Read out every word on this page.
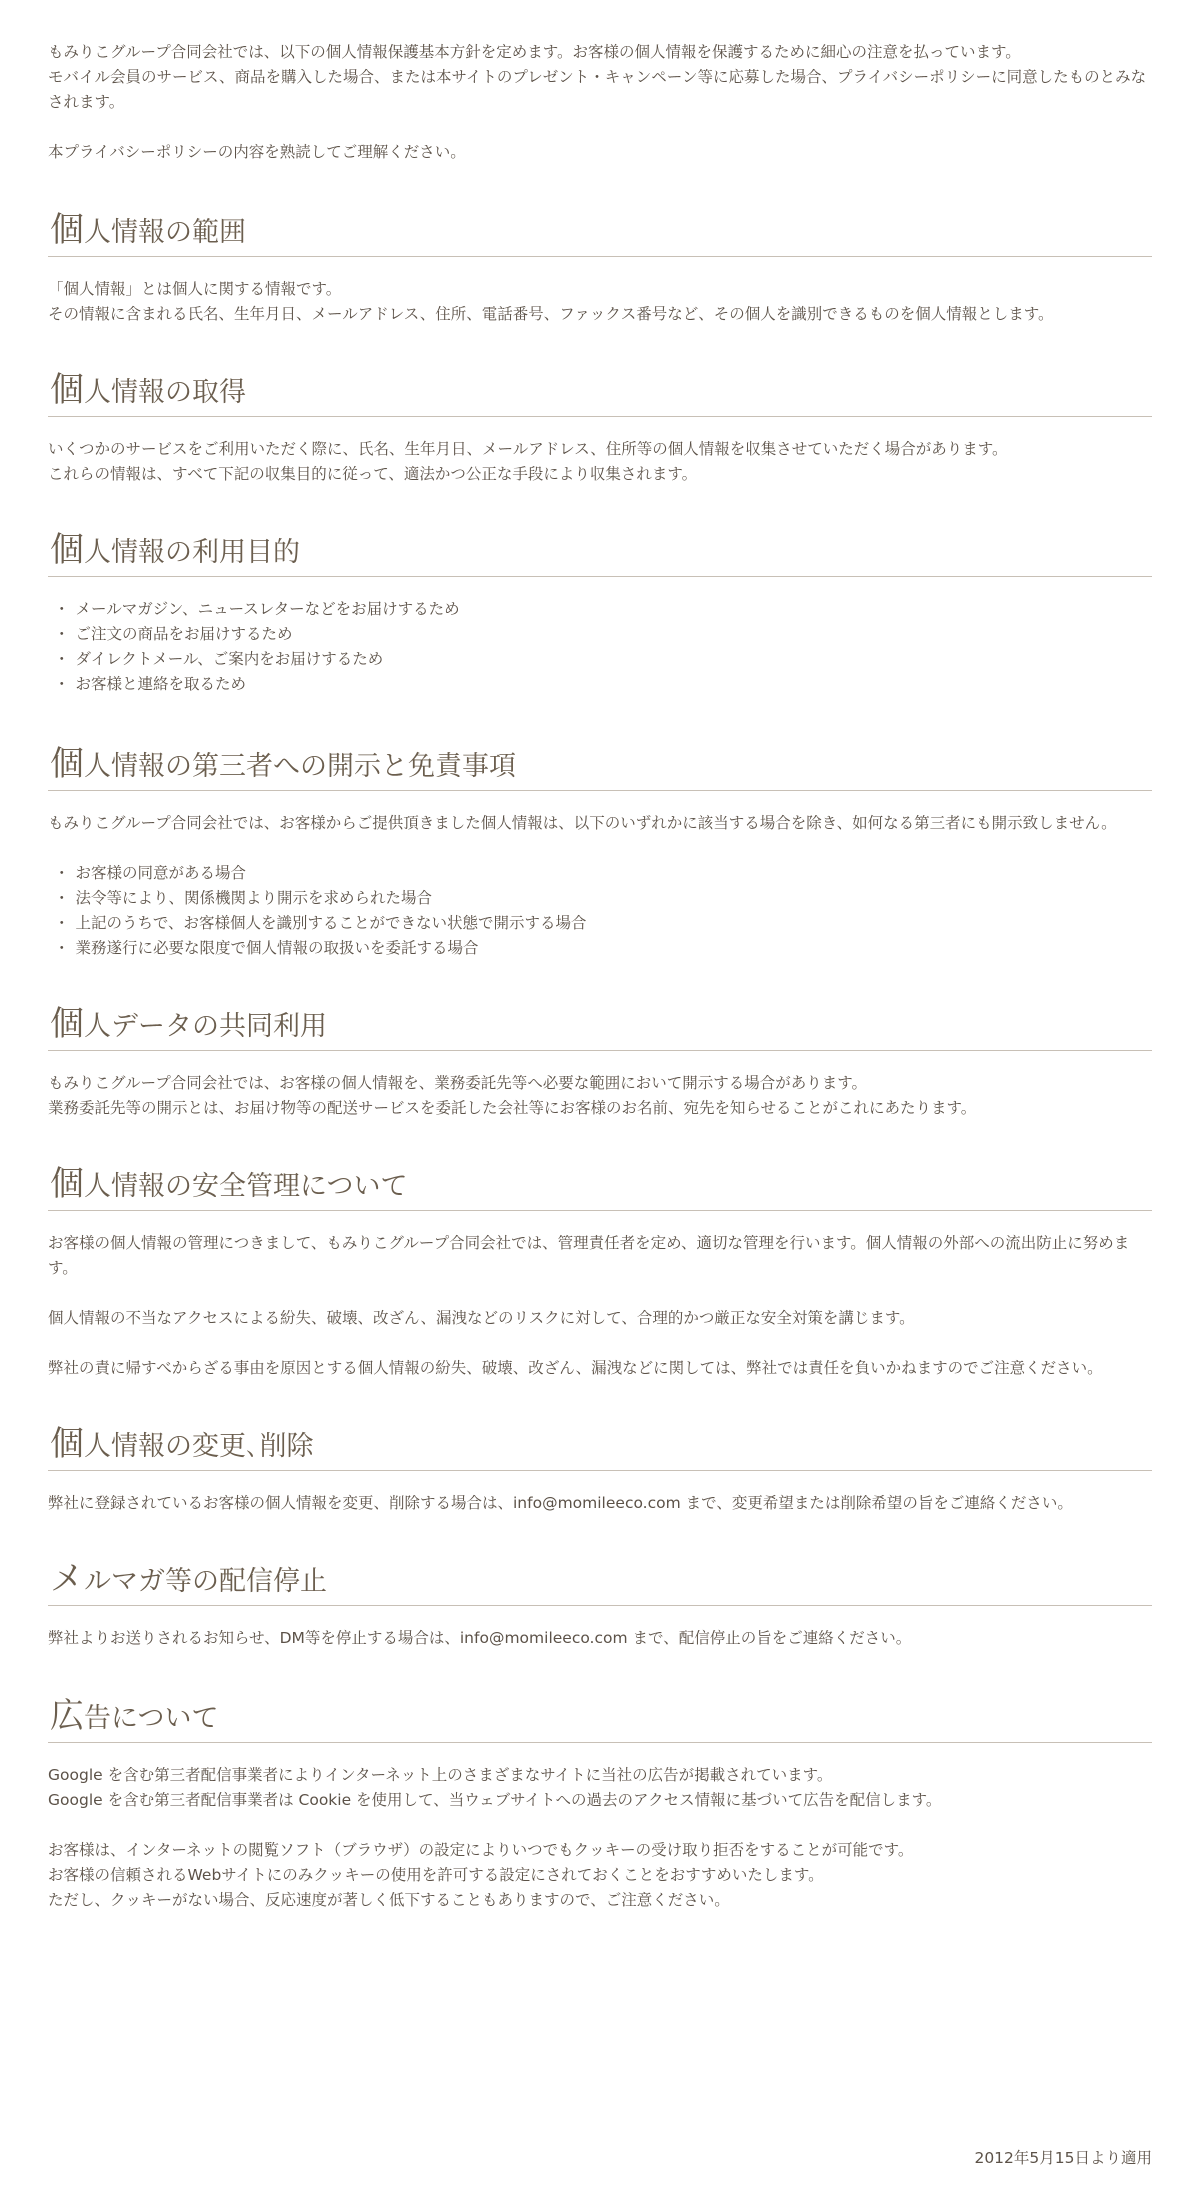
もみりこグループ合同会社では、以下の個人情報保護基本方針を定めます。お客様の個人情報を保護するために細心の注意を払っています。
モバイル会員のサービス、商品を購入した場合、または本サイトのプレゼント・キャンペーン等に応募した場合、プライバシーポリシーに同意したものとみなされます。

本プライバシーポリシーの内容を熟読してご理解ください。

個人情報の範囲

「個人情報」とは個人に関する情報です。
その情報に含まれる氏名、生年月日、メールアドレス、住所、電話番号、ファックス番号など、その個人を識別できるものを個人情報とします。

個人情報の取得

いくつかのサービスをご利用いただく際に、氏名、生年月日、メールアドレス、住所等の個人情報を収集させていただく場合があります。
これらの情報は、すべて下記の収集目的に従って、適法かつ公正な手段により収集されます。

個人情報の利用目的
・ メールマガジン、ニュースレターなどをお届けするため
・ ご注文の商品をお届けするため
・ ダイレクトメール、ご案内をお届けするため
・ お客様と連絡を取るため
個人情報の第三者への開示と免責事項

もみりこグループ合同会社では、お客様からご提供頂きました個人情報は、以下のいずれかに該当する場合を除き、如何なる第三者にも開示致しません。

・ お客様の同意がある場合
・ 法令等により、関係機関より開示を求められた場合
・ 上記のうちで、お客様個人を識別することができない状態で開示する場合
・ 業務遂行に必要な限度で個人情報の取扱いを委託する場合
個人データの共同利用

もみりこグループ合同会社では、お客様の個人情報を、業務委託先等へ必要な範囲において開示する場合があります。
業務委託先等の開示とは、お届け物等の配送サービスを委託した会社等にお客様のお名前、宛先を知らせることがこれにあたります。

個人情報の安全管理について

お客様の個人情報の管理につきまして、もみりこグループ合同会社では、管理責任者を定め、適切な管理を行います。個人情報の外部への流出防止に努めます。

個人情報の不当なアクセスによる紛失、破壊、改ざん、漏洩などのリスクに対して、合理的かつ厳正な安全対策を講じます。

弊社の責に帰すべからざる事由を原因とする個人情報の紛失、破壊、改ざん、漏洩などに関しては、弊社では責任を負いかねますのでご注意ください。

個人情報の変更､削除

弊社に登録されているお客様の個人情報を変更、削除する場合は、info@momileeco.com まで、変更希望または削除希望の旨をご連絡ください。

メルマガ等の配信停止

弊社よりお送りされるお知らせ、DM等を停止する場合は、info@momileeco.com まで、配信停止の旨をご連絡ください。

広告について

Google を含む第三者配信事業者によりインターネット上のさまざまなサイトに当社の広告が掲載されています。
Google を含む第三者配信事業者は Cookie を使用して、当ウェブサイトへの過去のアクセス情報に基づいて広告を配信します。

お客様は、インターネットの閲覧ソフト（ブラウザ）の設定によりいつでもクッキーの受け取り拒否をすることが可能です。
お客様の信頼されるWebサイトにのみクッキーの使用を許可する設定にされておくことをおすすめいたします。
ただし、クッキーがない場合、反応速度が著しく低下することもありますので、ご注意ください。

2012年5月15日より適用
